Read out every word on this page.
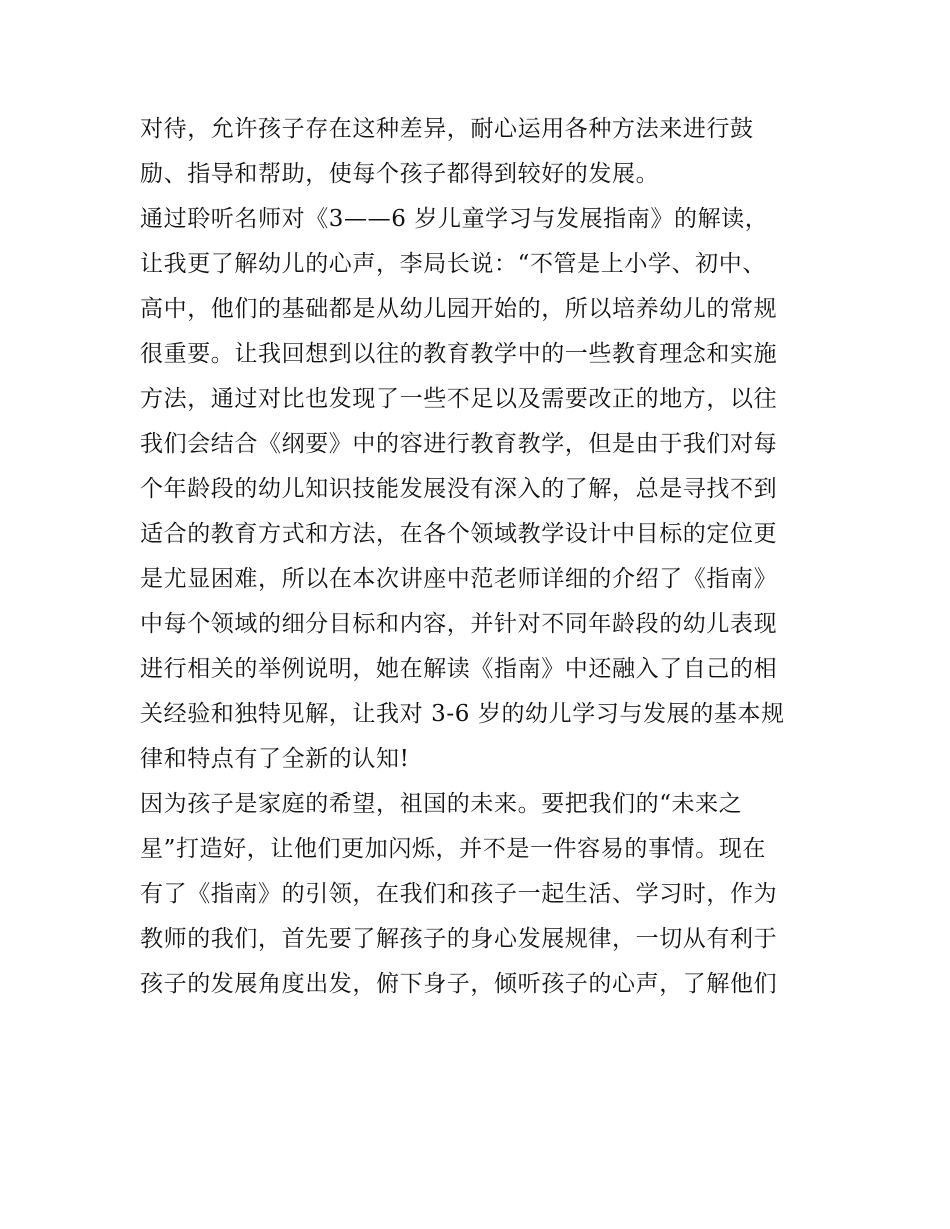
对待，允许孩子存在这种差异，耐心运用各种方法来进行鼓
励、指导和帮助，使每个孩子都得到较好的发展。
通过聆听名师对《3——6 岁儿童学习与发展指南》的解读，
让我更了解幼儿的心声，李局长说：“不管是上小学、初中、
高中，他们的基础都是从幼儿园开始的，所以培养幼儿的常规
很重要。让我回想到以往的教育教学中的一些教育理念和实施
方法，通过对比也发现了一些不足以及需要改正的地方，以往
我们会结合《纲要》中的容进行教育教学，但是由于我们对每
个年龄段的幼儿知识技能发展没有深入的了解，总是寻找不到
适合的教育方式和方法，在各个领域教学设计中目标的定位更
是尤显困难，所以在本次讲座中范老师详细的介绍了《指南》
中每个领域的细分目标和内容，并针对不同年龄段的幼儿表现
进行相关的举例说明，她在解读《指南》中还融入了自己的相
关经验和独特见解，让我对 3-6 岁的幼儿学习与发展的基本规
律和特点有了全新的认知!
因为孩子是家庭的希望，祖国的未来。要把我们的“未来之
星”打造好，让他们更加闪烁，并不是一件容易的事情。现在
有了《指南》的引领，在我们和孩子一起生活、学习时，作为
教师的我们，首先要了解孩子的身心发展规律，一切从有利于
孩子的发展角度出发，俯下身子，倾听孩子的心声，了解他们
